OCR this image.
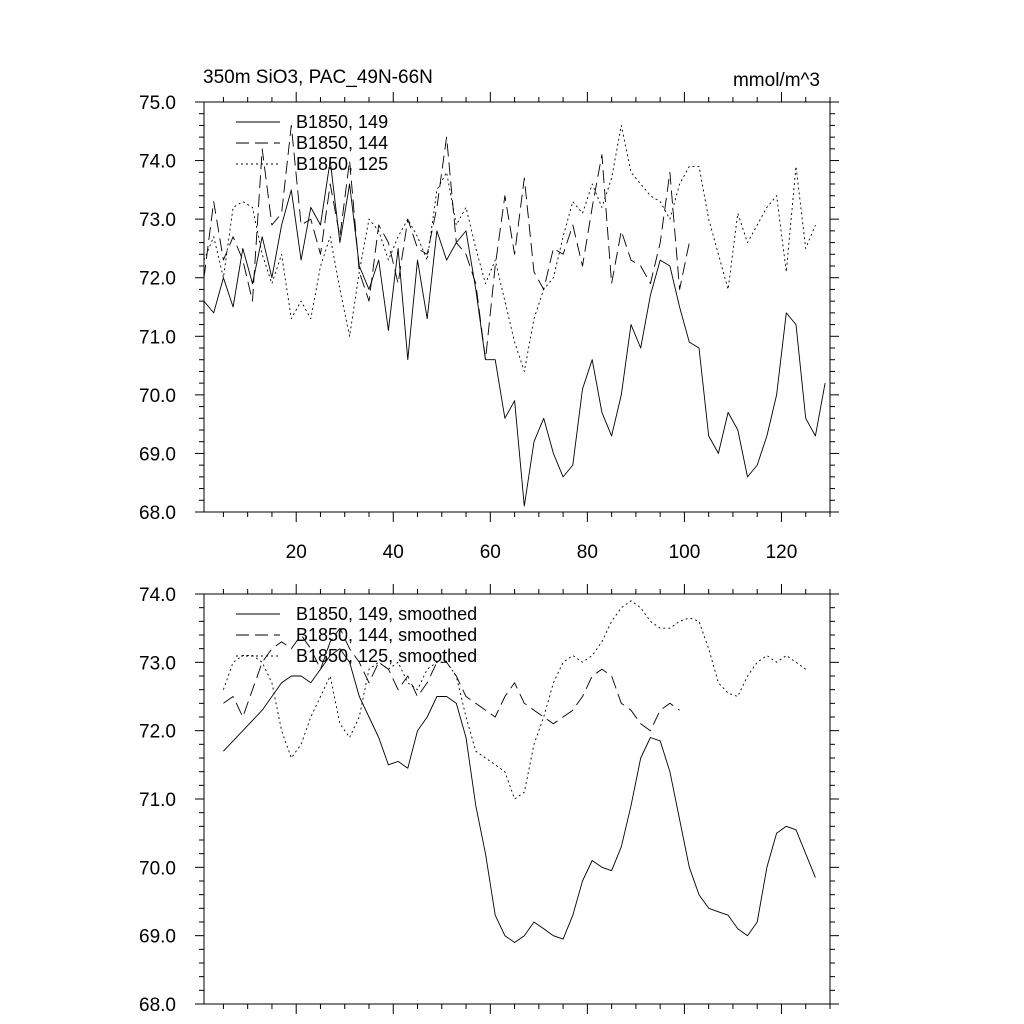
350m SiO3, PAC_49N-66N	mmol/m^3
68.0
69.0
70.0
71.0
72.0
73.0
74.0
75.0
20	40	60	80	100	120
B1850, 149
B1850, 144
B1850, 125
68.0
69.0
70.0
71.0
72.0
73.0
74.0
B1850, 149, smoothed
B1850, 144, smoothed
B1850, 125, smoothed
